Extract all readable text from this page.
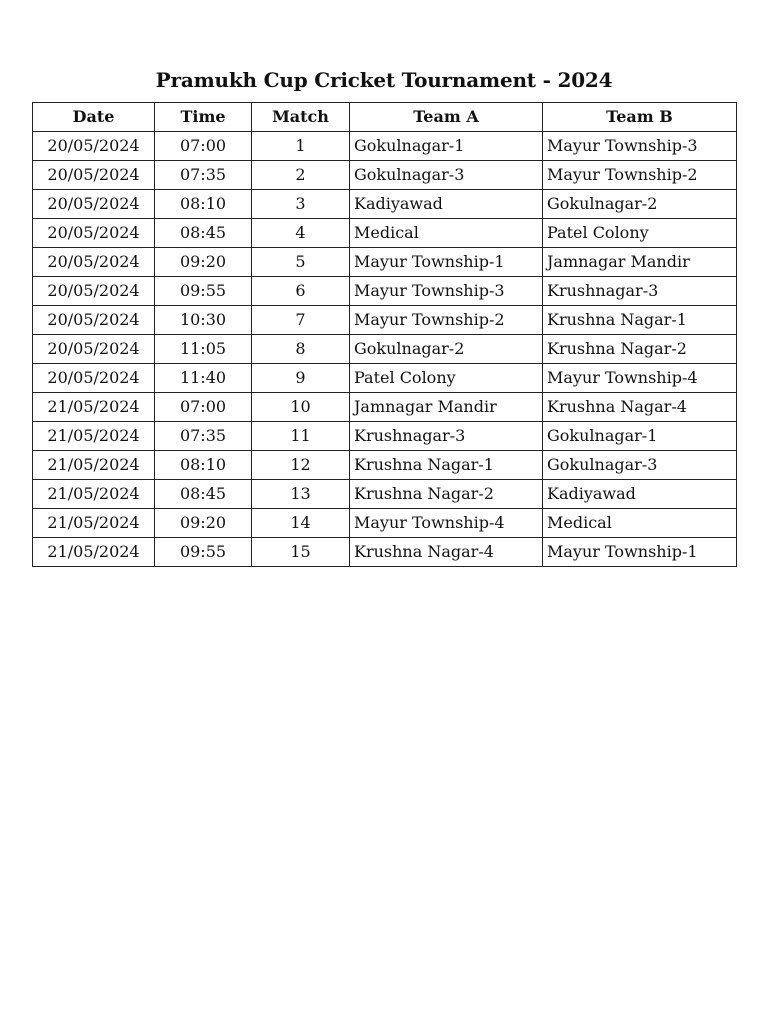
Pramukh Cup Cricket Tournament - 2024
Date	Time	Match	Team A	Team B
20/05/2024	07:00	1	Gokulnagar-1	Mayur Township-3
20/05/2024	07:35	2	Gokulnagar-3	Mayur Township-2
20/05/2024	08:10	3	Kadiyawad	Gokulnagar-2
20/05/2024	08:45	4	Medical	Patel Colony
20/05/2024	09:20	5	Mayur Township-1	Jamnagar Mandir
20/05/2024	09:55	6	Mayur Township-3	Krushnagar-3
20/05/2024	10:30	7	Mayur Township-2	Krushna Nagar-1
20/05/2024	11:05	8	Gokulnagar-2	Krushna Nagar-2
20/05/2024	11:40	9	Patel Colony	Mayur Township-4
21/05/2024	07:00	10	Jamnagar Mandir	Krushna Nagar-4
21/05/2024	07:35	11	Krushnagar-3	Gokulnagar-1
21/05/2024	08:10	12	Krushna Nagar-1	Gokulnagar-3
21/05/2024	08:45	13	Krushna Nagar-2	Kadiyawad
21/05/2024	09:20	14	Mayur Township-4	Medical
21/05/2024	09:55	15	Krushna Nagar-4	Mayur Township-1
